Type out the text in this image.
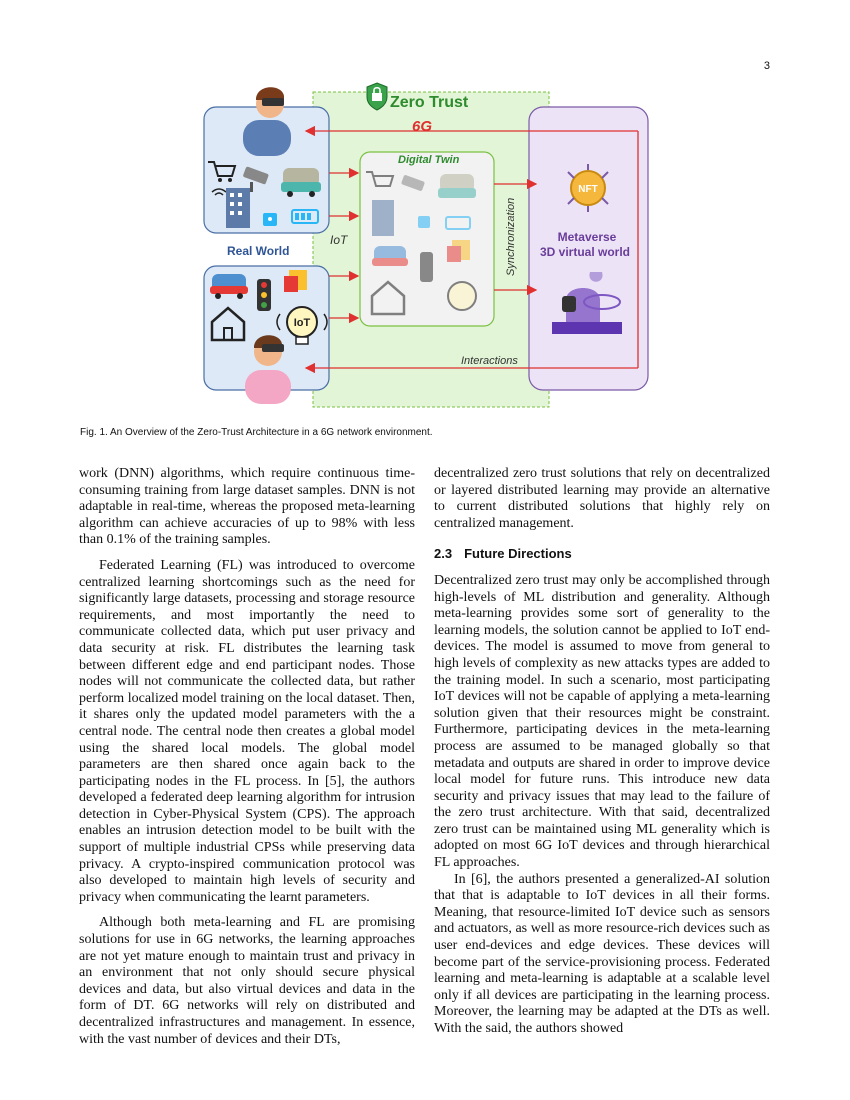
3
Zero Trust
6G
Real World
IoT
IoT
Digital Twin
Synchronization
NFT
Metaverse
3D virtual world
Interactions
Fig. 1. An Overview of the Zero-Trust Architecture in a 6G network environment.

work (DNN) algorithms, which require continuous time-consuming training from large dataset samples. DNN is not adaptable in real-time, whereas the proposed meta-learning algorithm can achieve accuracies of up to 98% with less than 0.1% of the training samples.

Federated Learning (FL) was introduced to overcome centralized learning shortcomings such as the need for significantly large datasets, processing and storage resource requirements, and most importantly the need to communicate collected data, which put user privacy and data security at risk. FL distributes the learning task between different edge and end participant nodes. Those nodes will not communicate the collected data, but rather perform localized model training on the local dataset. Then, it shares only the updated model parameters with the a central node. The central node then creates a global model using the shared local models. The global model parameters are then shared once again back to the participating nodes in the FL process. In [5], the authors developed a federated deep learning algorithm for intrusion detection in Cyber-Physical System (CPS). The approach enables an intrusion detection model to be built with the support of multiple industrial CPSs while preserving data privacy. A crypto-inspired communication protocol was also developed to maintain high levels of security and privacy when communicating the learnt parameters.

Although both meta-learning and FL are promising solutions for use in 6G networks, the learning approaches are not yet mature enough to maintain trust and privacy in an environment that not only should secure physical devices and data, but also virtual devices and data in the form of DT. 6G networks will rely on distributed and decentralized infrastructures and management. In essence, with the vast number of devices and their DTs,

decentralized zero trust solutions that rely on decentralized or layered distributed learning may provide an alternative to current distributed solutions that highly rely on centralized management.

2.3 Future Directions

Decentralized zero trust may only be accomplished through high-levels of ML distribution and generality. Although meta-learning provides some sort of generality to the learning models, the solution cannot be applied to IoT end-devices. The model is assumed to move from general to high levels of complexity as new attacks types are added to the training model. In such a scenario, most participating IoT devices will not be capable of applying a meta-learning solution given that their resources might be constraint. Furthermore, participating devices in the meta-learning process are assumed to be managed globally so that metadata and outputs are shared in order to improve device local model for future runs. This introduce new data security and privacy issues that may lead to the failure of the zero trust architecture. With that said, decentralized zero trust can be maintained using ML generality which is adopted on most 6G IoT devices and through hierarchical FL approaches.

In [6], the authors presented a generalized-AI solution that that is adaptable to IoT devices in all their forms. Meaning, that resource-limited IoT device such as sensors and actuators, as well as more resource-rich devices such as user end-devices and edge devices. These devices will become part of the service-provisioning process. Federated learning and meta-learning is adaptable at a scalable level only if all devices are participating in the learning process. Moreover, the learning may be adapted at the DTs as well. With the said, the authors showed
